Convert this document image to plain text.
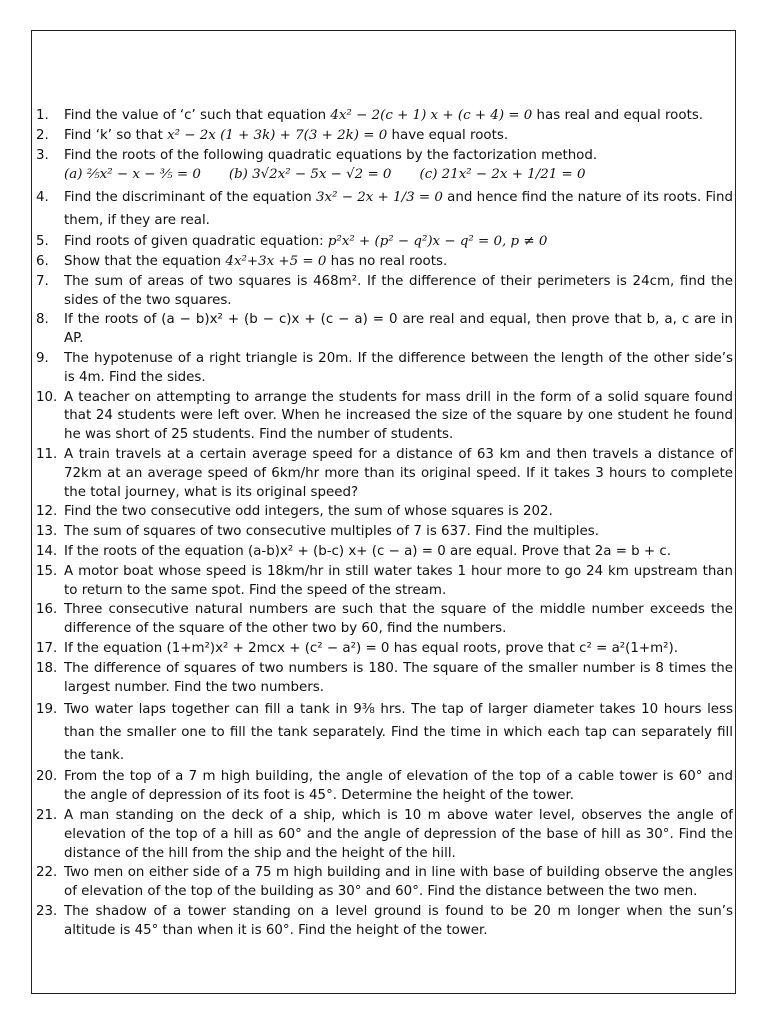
1.	Find the value of ‘c’ such that equation 4x² − 2(c + 1) x + (c + 4) = 0 has real and equal roots.
2.	Find ‘k’ so that x² − 2x (1 + 3k) + 7(3 + 2k) = 0 have equal roots.
3.	Find the roots of the following quadratic equations by the factorization method.
(a) ⅖x² − x − ⅗ = 0 (b) 3√2x² − 5x − √2 = 0 (c) 21x² − 2x + 1/21 = 0
4.	Find the discriminant of the equation 3x² − 2x + 1/3 = 0 and hence find the nature of its roots. Find them, if they are real.
5.	Find roots of given quadratic equation: p²x² + (p² − q²)x − q² = 0, p ≠ 0
6.	Show that the equation 4x²+3x +5 = 0 has no real roots.
7.	The sum of areas of two squares is 468m². If the difference of their perimeters is 24cm, find the sides of the two squares.
8.	If the roots of (a − b)x² + (b − c)x + (c − a) = 0 are real and equal, then prove that b, a, c are in AP.
9.	The hypotenuse of a right triangle is 20m. If the difference between the length of the other side’s is 4m. Find the sides.
10. A teacher on attempting to arrange the students for mass drill in the form of a solid square found that 24 students were left over. When he increased the size of the square by one student he found he was short of 25 students. Find the number of students.
11. A train travels at a certain average speed for a distance of 63 km and then travels a distance of 72km at an average speed of 6km/hr more than its original speed. If it takes 3 hours to complete the total journey, what is its original speed?
12. Find the two consecutive odd integers, the sum of whose squares is 202.
13. The sum of squares of two consecutive multiples of 7 is 637. Find the multiples.
14. If the roots of the equation (a-b)x² + (b-c) x+ (c − a) = 0 are equal. Prove that 2a = b + c.
15. A motor boat whose speed is 18km/hr in still water takes 1 hour more to go 24 km upstream than to return to the same spot. Find the speed of the stream.
16. Three consecutive natural numbers are such that the square of the middle number exceeds the difference of the square of the other two by 60, find the numbers.
17. If the equation (1+m²)x² + 2mcx + (c² − a²) = 0 has equal roots, prove that c² = a²(1+m²).
18. The difference of squares of two numbers is 180. The square of the smaller number is 8 times the largest number. Find the two numbers.
19. Two water laps together can fill a tank in 9⅜ hrs. The tap of larger diameter takes 10 hours less than the smaller one to fill the tank separately. Find the time in which each tap can separately fill the tank.
20. From the top of a 7 m high building, the angle of elevation of the top of a cable tower is 60° and the angle of depression of its foot is 45°. Determine the height of the tower.
21. A man standing on the deck of a ship, which is 10 m above water level, observes the angle of elevation of the top of a hill as 60° and the angle of depression of the base of hill as 30°. Find the distance of the hill from the ship and the height of the hill.
22. Two men on either side of a 75 m high building and in line with base of building observe the angles of elevation of the top of the building as 30° and 60°. Find the distance between the two men.
23. The shadow of a tower standing on a level ground is found to be 20 m longer when the sun’s altitude is 45° than when it is 60°. Find the height of the tower.
